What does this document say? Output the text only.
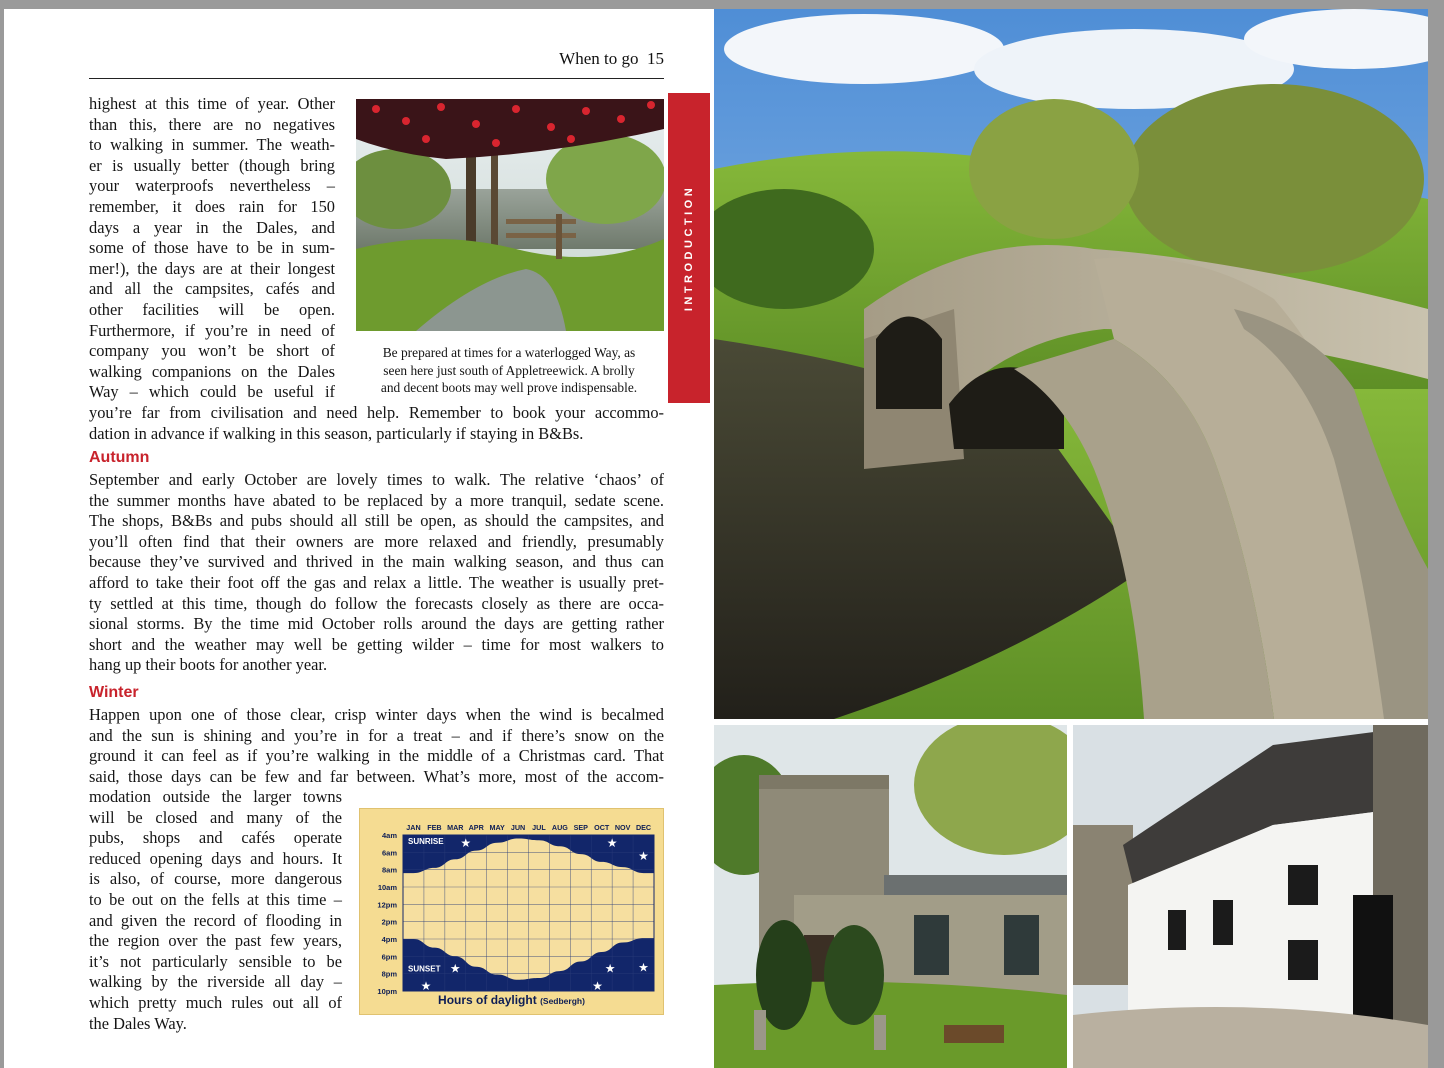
When to go 15
highest at this time of year. Other
than this, there are no negatives
to walking in summer. The weath-
er is usually better (though bring
your waterproofs nevertheless –
remember, it does rain for 150
days a year in the Dales, and
some of those have to be in sum-
mer!), the days are at their longest
and all the campsites, cafés and
other facilities will be open.
Furthermore, if you’re in need of
company you won’t be short of
walking companions on the Dales
Way – which could be useful if
you’re far from civilisation and need help. Remember to book your accommo-
dation in advance if walking in this season, particularly if staying in B&Bs.
Be prepared at times for a waterlogged Way, as
seen here just south of Appletreewick. A brolly
and decent boots may well prove indispensable.
Autumn
September and early October are lovely times to walk. The relative ‘chaos’ of
the summer months have abated to be replaced by a more tranquil, sedate scene.
The shops, B&Bs and pubs should all still be open, as should the campsites, and
you’ll often find that their owners are more relaxed and friendly, presumably
because they’ve survived and thrived in the main walking season, and thus can
afford to take their foot off the gas and relax a little. The weather is usually pret-
ty settled at this time, though do follow the forecasts closely as there are occa-
sional storms. By the time mid October rolls around the days are getting rather
short and the weather may well be getting wilder – time for most walkers to
hang up their boots for another year.
Winter
Happen upon one of those clear, crisp winter days when the wind is becalmed
and the sun is shining and you’re in for a treat – and if there’s snow on the
ground it can feel as if you’re walking in the middle of a Christmas card. That
said, those days can be few and far between. What’s more, most of the accom-
modation outside the larger towns
will be closed and many of the
pubs, shops and cafés operate
reduced opening days and hours. It
is also, of course, more dangerous
to be out on the fells at this time –
and given the record of flooding in
the region over the past few years,
it’s not particularly sensible to be
walking by the riverside all day –
which pretty much rules out all of
the Dales Way.
4am
6am
8am
10am
12pm
2pm
4pm
6pm
8pm
10pm
JAN FEB MAR APR MAY JUN JUL AUG SEP OCT NOV DEC
SUNRISE
SUNSET
★	★
★
★
★
★
★ ★
Hours of daylight (Sedbergh)
INTRODUCTION
